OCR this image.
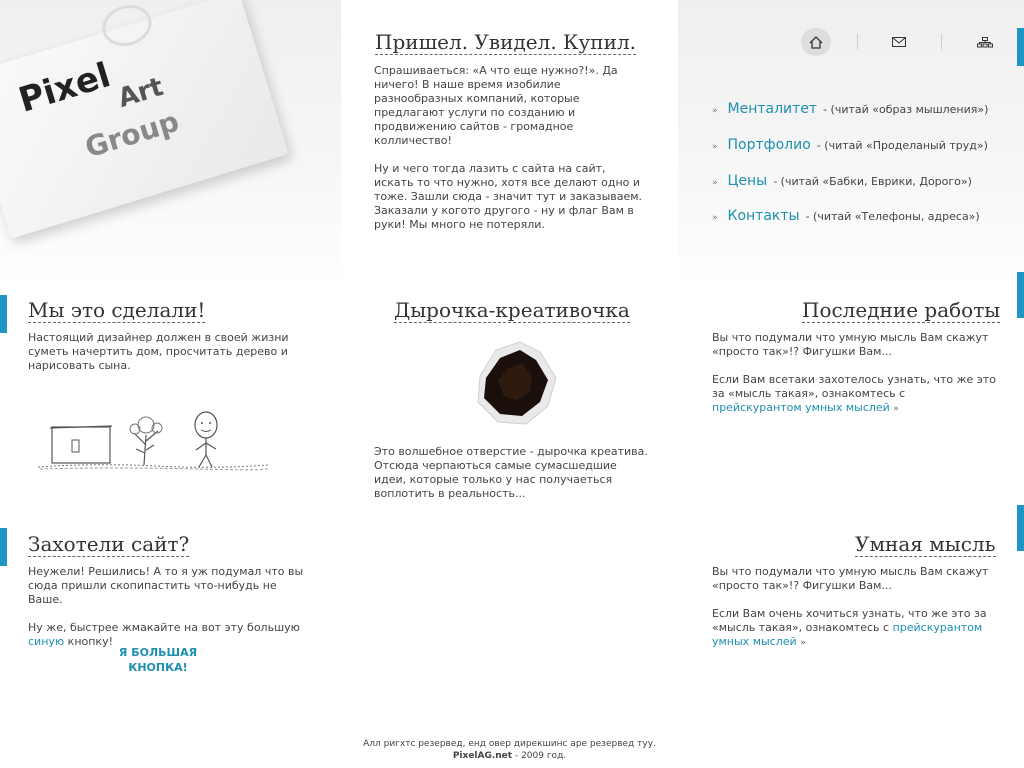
Pixel Art
Group	» Менталитет - (читай «образ мышления»)
» Портфолио - (читай «Проделаный труд»)
» Цены - (читай «Бабки, Еврики, Дорого»)
» Контакты - (читай «Телефоны, адреса»)
Пришел. Увидел. Купил.

Спрашиваеться: «А что еще нужно?!». Да ничего! В наше время изобилие разнообразных компаний, которые предлагают услуги по созданию и продвижению сайтов - громадное колличество!

Ну и чего тогда лазить с сайта на сайт, искать то что нужно, хотя все делают одно и тоже. Зашли сюда - значит тут и заказываем. Заказали у когото другого - ну и флаг Вам в руки! Мы много не потеряли.

Мы это сделали!
Настоящий дизайнер должен в своей жизни суметь начертить дом, просчитать дерево и нарисовать сына.
Дырочка-креативочка
Это волшебное отверстие - дырочка креатива. Отсюда черпаються самые сумасшедшие идеи, которые только у нас получаеться воплотить в реальность...
Последние работы

Вы что подумали что умную мысль Вам скажут «просто так»!? Фигушки Вам...

Если Вам всетаки захотелось узнать, что же это за «мысль такая», ознакомтесь с прейскурантом умных мыслей »

Захотели сайт?

Неужели! Решились! А то я уж подумал что вы сюда пришли скопипастить что-нибудь не Ваше.

Ну же, быстрее жмакайте на вот эту большую синую кнопку!

Я БОЛЬШАЯ
КНОПКА!
Умная мысль

Вы что подумали что умную мысль Вам скажут «просто так»!? Фигушки Вам...

Если Вам очень хочиться узнать, что же это за «мысль такая», ознакомтесь с прейскурантом умных мыслей »

Алл ригхтс резервед, енд овер дирекшинс аре резервед туу.
PixelAG.net - 2009 год.
